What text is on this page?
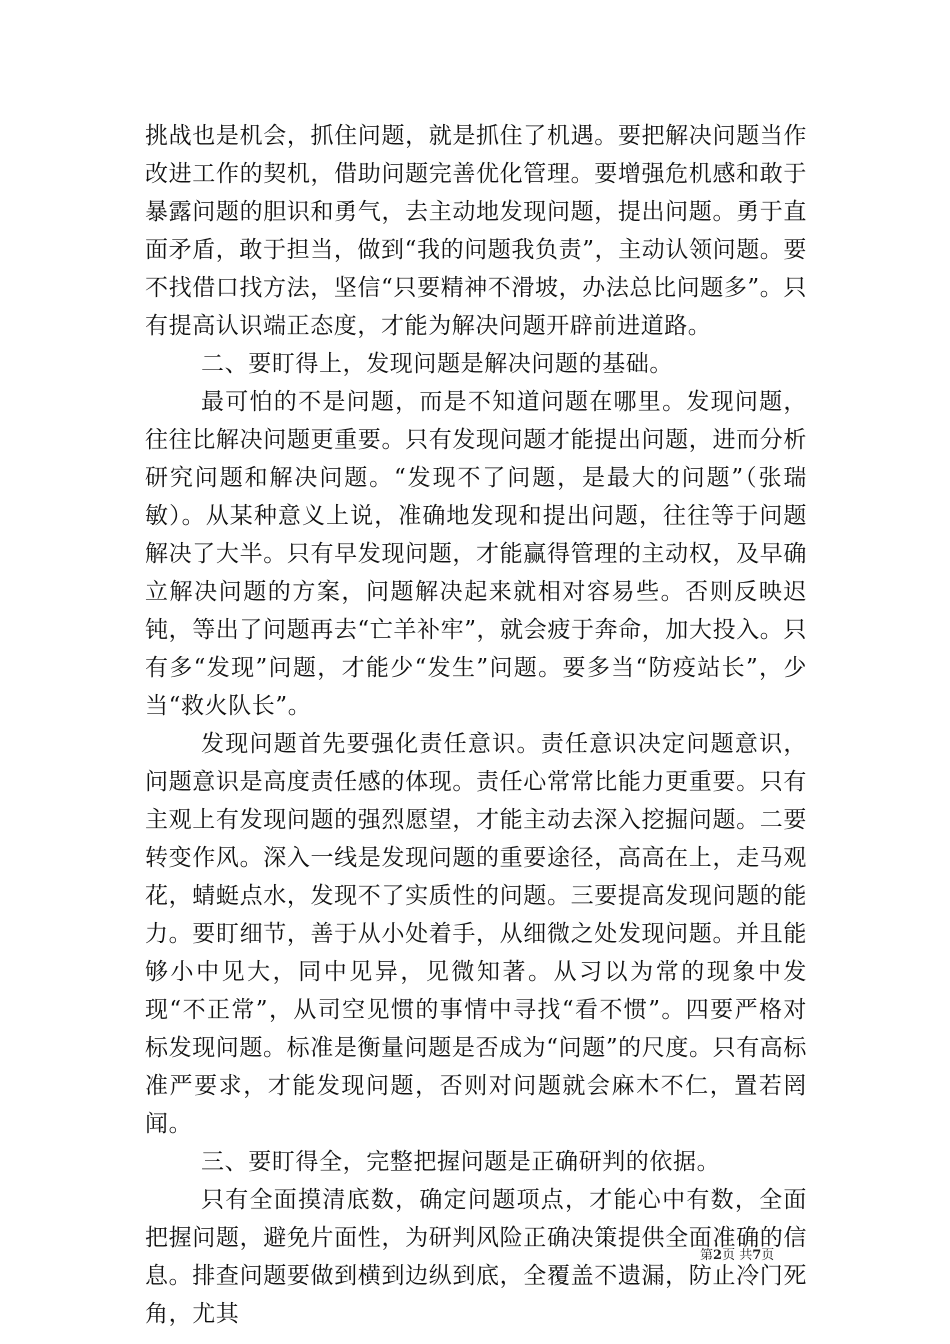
挑战也是机会，抓住问题，就是抓住了机遇。要把解决问题当作改进工作的契机，借助问题完善优化管理。要增强危机感和敢于暴露问题的胆识和勇气，去主动地发现问题，提出问题。勇于直面矛盾，敢于担当，做到“我的问题我负责”，主动认领问题。要不找借口找方法，坚信“只要精神不滑坡，办法总比问题多”。只有提高认识端正态度，才能为解决问题开辟前进道路。

二、要盯得上，发现问题是解决问题的基础。

最可怕的不是问题，而是不知道问题在哪里。发现问题，往往比解决问题更重要。只有发现问题才能提出问题，进而分析研究问题和解决问题。“发现不了问题，是最大的问题”（张瑞敏）。从某种意义上说，准确地发现和提出问题，往往等于问题解决了大半。只有早发现问题，才能赢得管理的主动权，及早确立解决问题的方案，问题解决起来就相对容易些。否则反映迟钝，等出了问题再去“亡羊补牢”，就会疲于奔命，加大投入。只有多“发现”问题，才能少“发生”问题。要多当“防疫站长”，少当“救火队长”。

发现问题首先要强化责任意识。责任意识决定问题意识，问题意识是高度责任感的体现。责任心常常比能力更重要。只有主观上有发现问题的强烈愿望，才能主动去深入挖掘问题。二要转变作风。深入一线是发现问题的重要途径，高高在上，走马观花，蜻蜓点水，发现不了实质性的问题。三要提高发现问题的能力。要盯细节，善于从小处着手，从细微之处发现问题。并且能够小中见大，同中见异，见微知著。从习以为常的现象中发现“不正常”，从司空见惯的事情中寻找“看不惯”。四要严格对标发现问题。标准是衡量问题是否成为“问题”的尺度。只有高标准严要求，才能发现问题，否则对问题就会麻木不仁，置若罔闻。

三、要盯得全，完整把握问题是正确研判的依据。

只有全面摸清底数，确定问题项点，才能心中有数，全面把握问题，避免片面性，为研判风险正确决策提供全面准确的信息。排查问题要做到横到边纵到底，全覆盖不遗漏，防止冷门死角，尤其

第2页 共7页
